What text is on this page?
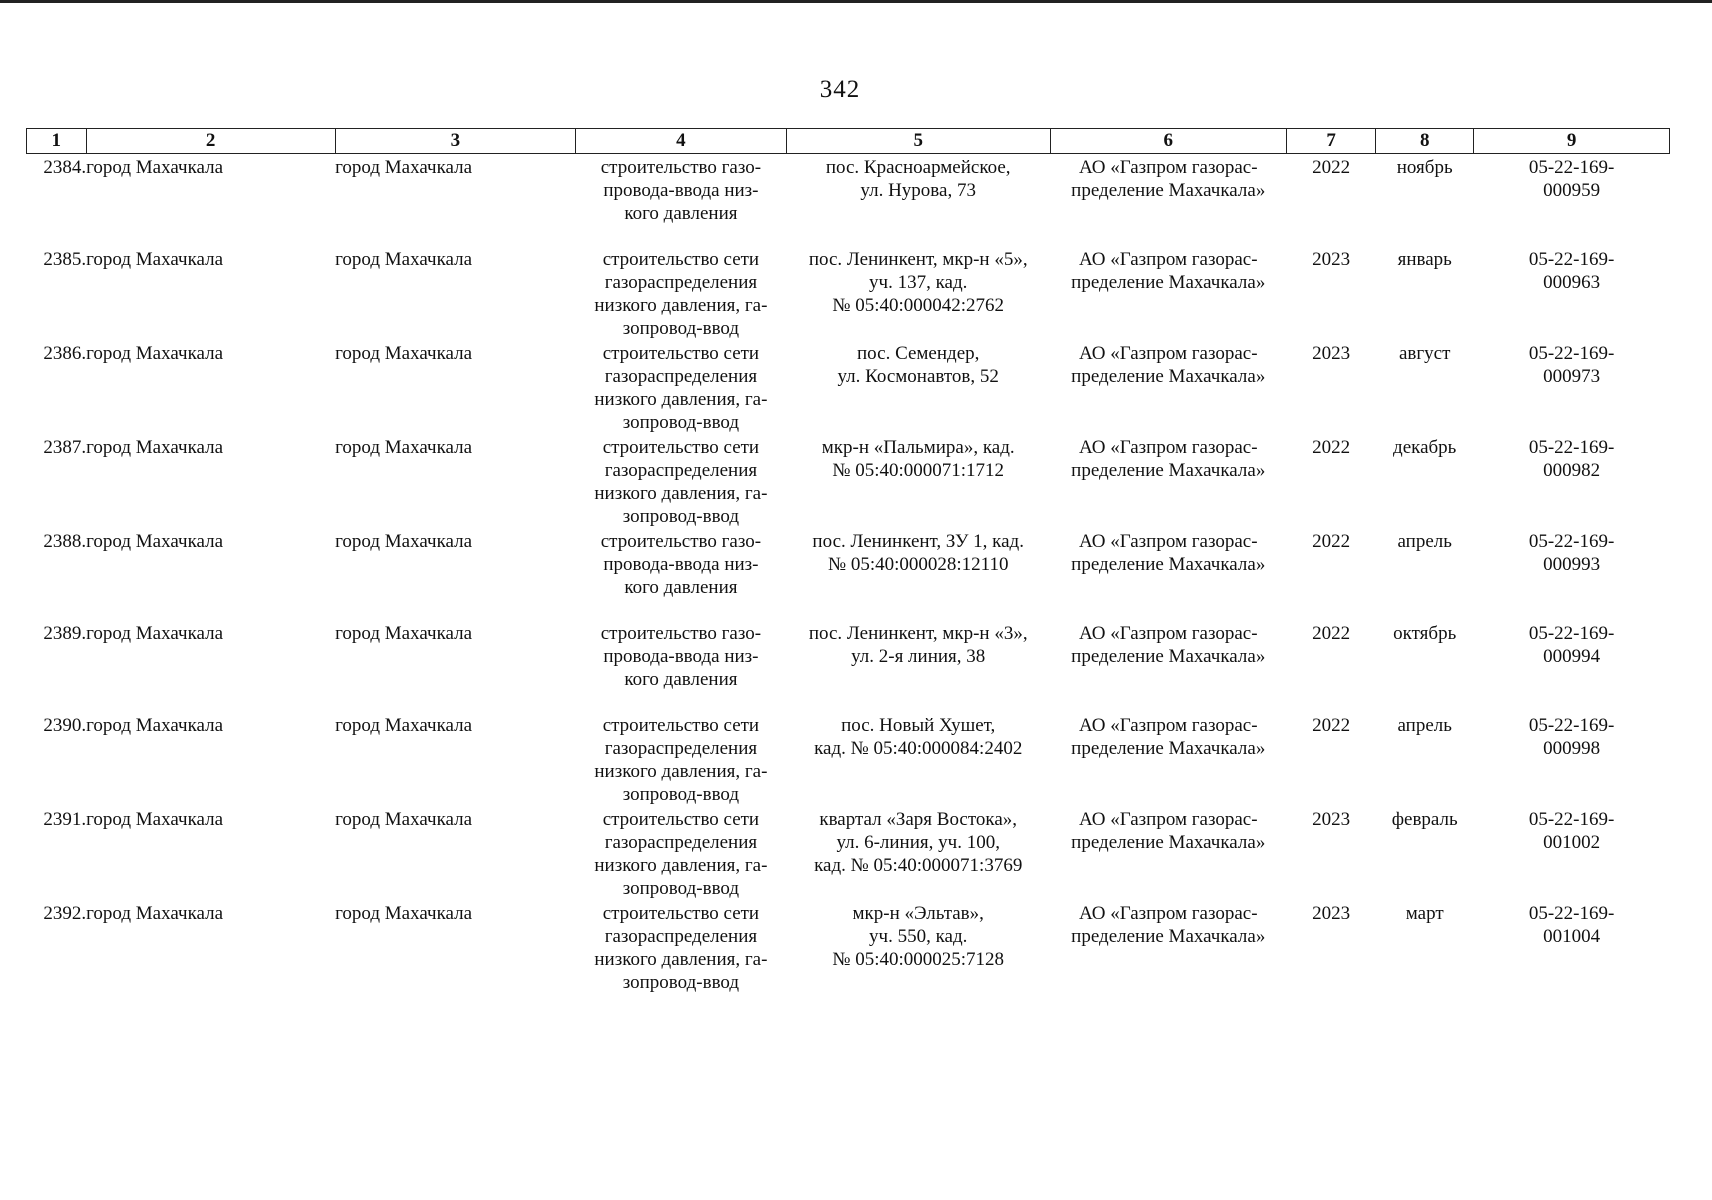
342
1	2	3	4	5	6	7	8	9

2384.	город Махачкала	город Махачкала	строительство газо-
провода-ввода низ-
кого давления	пос. Красноармейское,
ул. Нурова, 73	АО «Газпром газорас-
пределение Махачкала»	2022	ноябрь	05-22-169-
000959

2385.	город Махачкала	город Махачкала	строительство сети
газораспределения
низкого давления, га-
зопровод-ввод	пос. Ленинкент, мкр-н «5»,
уч. 137, кад.
№ 05:40:000042:2762	АО «Газпром газорас-
пределение Махачкала»	2023	январь	05-22-169-
000963

2386.	город Махачкала	город Махачкала	строительство сети
газораспределения
низкого давления, га-
зопровод-ввод	пос. Семендер,
ул. Космонавтов, 52	АО «Газпром газорас-
пределение Махачкала»	2023	август	05-22-169-
000973

2387.	город Махачкала	город Махачкала	строительство сети
газораспределения
низкого давления, га-
зопровод-ввод	мкр-н «Пальмира», кад.
№ 05:40:000071:1712	АО «Газпром газорас-
пределение Махачкала»	2022	декабрь	05-22-169-
000982

2388.	город Махачкала	город Махачкала	строительство газо-
провода-ввода низ-
кого давления	пос. Ленинкент, ЗУ 1, кад.
№ 05:40:000028:12110	АО «Газпром газорас-
пределение Махачкала»	2022	апрель	05-22-169-
000993

2389.	город Махачкала	город Махачкала	строительство газо-
провода-ввода низ-
кого давления	пос. Ленинкент, мкр-н «3»,
ул. 2-я линия, 38	АО «Газпром газорас-
пределение Махачкала»	2022	октябрь	05-22-169-
000994

2390.	город Махачкала	город Махачкала	строительство сети
газораспределения
низкого давления, га-
зопровод-ввод	пос. Новый Хушет,
кад. № 05:40:000084:2402	АО «Газпром газорас-
пределение Махачкала»	2022	апрель	05-22-169-
000998

2391.	город Махачкала	город Махачкала	строительство сети
газораспределения
низкого давления, га-
зопровод-ввод	квартал «Заря Востока»,
ул. 6-линия, уч. 100,
кад. № 05:40:000071:3769	АО «Газпром газорас-
пределение Махачкала»	2023	февраль	05-22-169-
001002

2392.	город Махачкала	город Махачкала	строительство сети
газораспределения
низкого давления, га-
зопровод-ввод	мкр-н «Эльтав»,
уч. 550, кад.
№ 05:40:000025:7128	АО «Газпром газорас-
пределение Махачкала»	2023	март	05-22-169-
001004
